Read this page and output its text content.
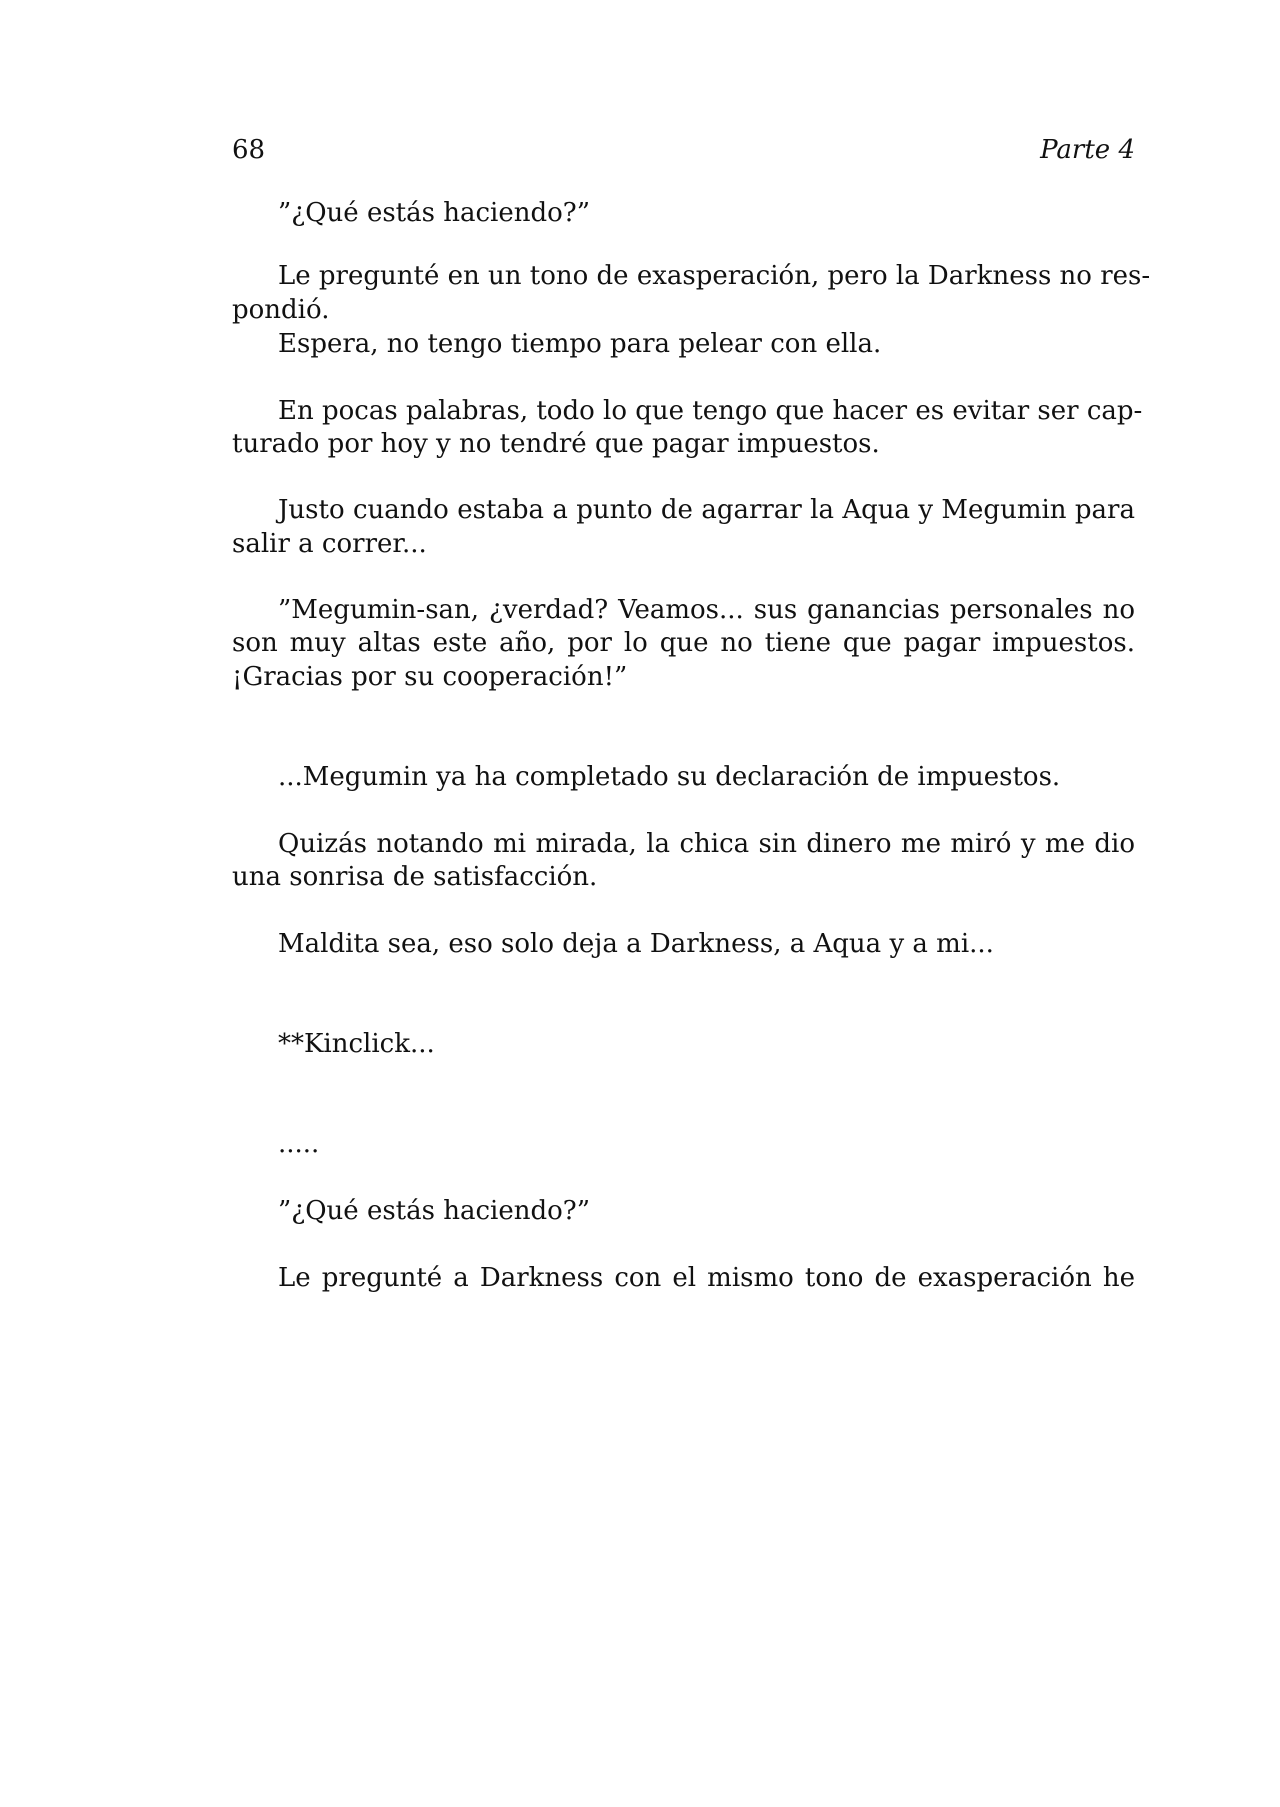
68	Parte 4
”¿Qué estás haciendo?”
Le pregunté en un tono de exasperación, pero la Darkness no res-
pondió.
Espera, no tengo tiempo para pelear con ella.
En pocas palabras, todo lo que tengo que hacer es evitar ser cap-
turado por hoy y no tendré que pagar impuestos.
Justo cuando estaba a punto de agarrar la Aqua y Megumin para
salir a correr...
”Megumin-san, ¿verdad? Veamos... sus ganancias personales no
son muy altas este año, por lo que no tiene que pagar impuestos.
¡Gracias por su cooperación!”
...Megumin ya ha completado su declaración de impuestos.
Quizás notando mi mirada, la chica sin dinero me miró y me dio
una sonrisa de satisfacción.
Maldita sea, eso solo deja a Darkness, a Aqua y a mi...
**Kinclick...
.....
”¿Qué estás haciendo?”
Le pregunté a Darkness con el mismo tono de exasperación he
